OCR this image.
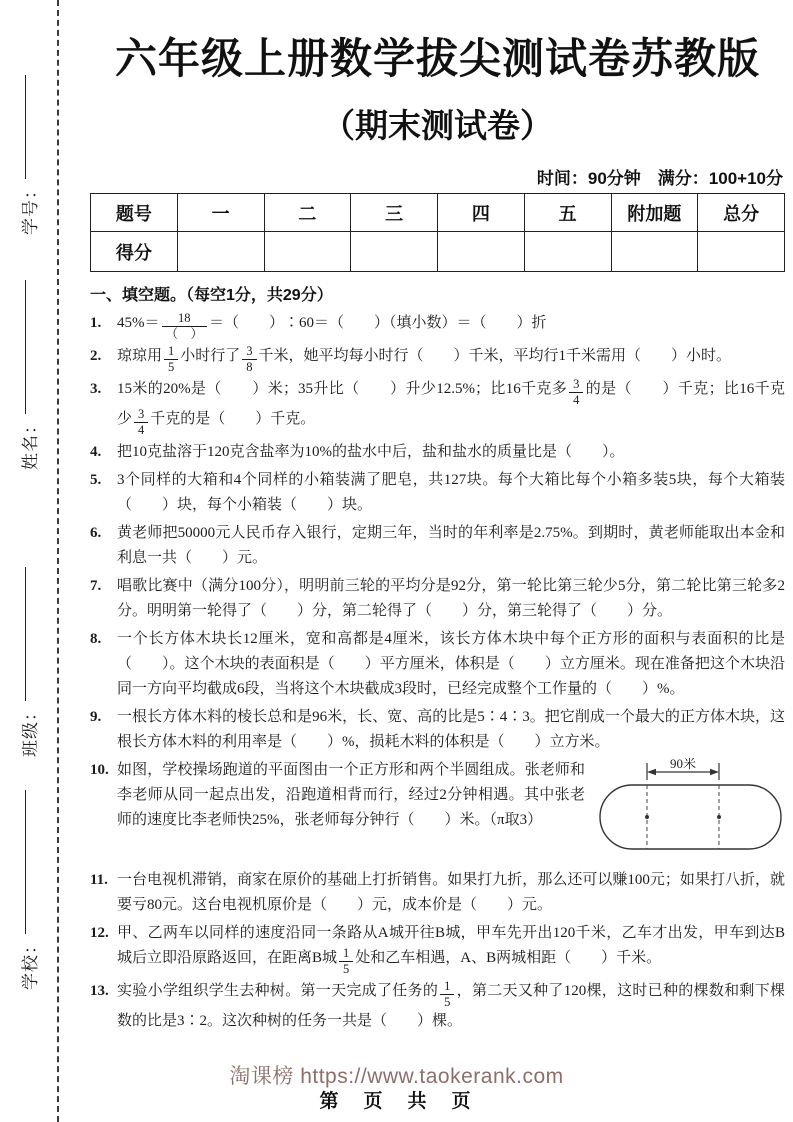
学号：
姓名：
班级：
学校：
六年级上册数学拔尖测试卷苏教版
（期末测试卷）
时间：90分钟　满分：100+10分
题号	一	二	三	四	五	附加题	总分
得分							
一、填空题。（每空1分，共29分）
1.	$45\%= \frac{18}{( )}$ ＝（　　）∶60＝（　　）（填小数）＝（　　）折
2.	琼琼用 $\frac{1}{5}$ 小时行了 $\frac{3}{8}$ 千米，她平均每小时行（　　）千米，平均行1千米需用（　　）小时。
3.	15米的20%是（　　）米；35升比（　　）升少12.5%；比16千克多 $\frac{3}{4}$ 的是（　　）千克；比16千克少 $\frac{3}{4}$ 千克的是（　　）千克。
4.	把10克盐溶于120克含盐率为10%的盐水中后，盐和盐水的质量比是（　　）。
5.	3个同样的大箱和4个同样的小箱装满了肥皂，共127块。每个大箱比每个小箱多装5块，每个大箱装（　　）块，每个小箱装（　　）块。
6.	黄老师把50000元人民币存入银行，定期三年，当时的年利率是2.75%。到期时，黄老师能取出本金和利息一共（　　）元。
7.	唱歌比赛中（满分100分），明明前三轮的平均分是92分，第一轮比第三轮少5分，第二轮比第三轮多2分。明明第一轮得了（　　）分，第二轮得了（　　）分，第三轮得了（　　）分。
8.	一个长方体木块长12厘米，宽和高都是4厘米，该长方体木块中每个正方形的面积与表面积的比是（　　）。这个木块的表面积是（　　）平方厘米，体积是（　　）立方厘米。现在准备把这个木块沿同一方向平均截成6段，当将这个木块截成3段时，已经完成整个工作量的（　　）%。
9.	一根长方体木料的棱长总和是96米，长、宽、高的比是5∶4∶3。把它削成一个最大的正方体木块，这根长方体木料的利用率是（　　）%，损耗木料的体积是（　　）立方米。
10.	90米
如图，学校操场跑道的平面图由一个正方形和两个半圆组成。张老师和李老师从同一起点出发，沿跑道相背而行，经过2分钟相遇。其中张老师的速度比李老师快25%，张老师每分钟行（　　）米。（π取3）
11. 一台电视机滞销，商家在原价的基础上打折销售。如果打九折，那么还可以赚100元；如果打八折，就要亏80元。这台电视机原价是（　　）元，成本价是（　　）元。
12. 甲、乙两车以同样的速度沿同一条路从A城开往B城，甲车先开出120千米，乙车才出发，甲车到达B城后立即沿原路返回，在距离B城 $\frac{1}{5}$ 处和乙车相遇，A、B两城相距（　　）千米。
13. 实验小学组织学生去种树。第一天完成了任务的 $\frac{1}{5}$ ，第二天又种了120棵，这时已种的棵数和剩下棵数的比是3∶2。这次种树的任务一共是（　　）棵。
淘课榜 https://www.taokerank.com
第　页　共　页
